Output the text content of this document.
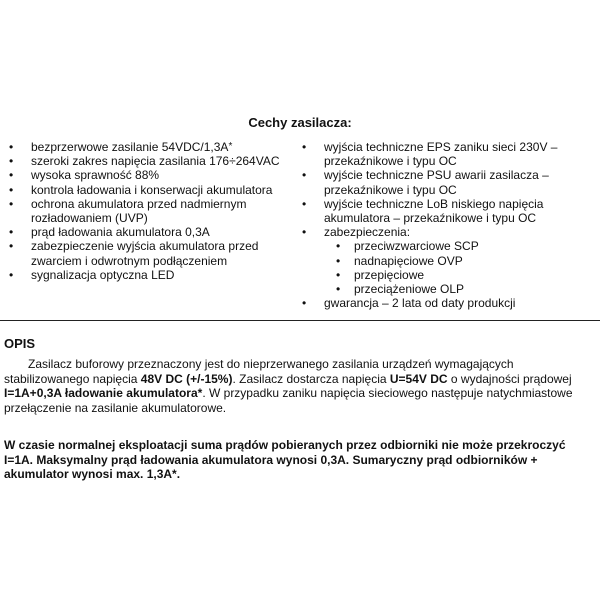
Cechy zasilacza:
• bezprzerwowe zasilanie 54VDC/1,3A*
• szeroki zakres napięcia zasilania 176÷264VAC
• wysoka sprawność 88%
• kontrola ładowania i konserwacji akumulatora
• ochrona akumulatora przed nadmiernym rozładowaniem (UVP)
• prąd ładowania akumulatora 0,3A
• zabezpieczenie wyjścia akumulatora przed zwarciem i odwrotnym podłączeniem
• sygnalizacja optyczna LED
• wyjścia techniczne EPS zaniku sieci 230V – przekaźnikowe i typu OC
• wyjście techniczne PSU awarii zasilacza – przekaźnikowe i typu OC
• wyjście techniczne LoB niskiego napięcia akumulatora – przekaźnikowe i typu OC
• zabezpieczenia:
• przeciwzwarciowe SCP
• nadnapięciowe OVP
• przepięciowe
• przeciążeniowe OLP
• gwarancja – 2 lata od daty produkcji
OPIS
Zasilacz buforowy przeznaczony jest do nieprzerwanego zasilania urządzeń wymagających stabilizowanego napięcia 48V DC (+/-15%). Zasilacz dostarcza napięcia U=54V DC o wydajności prądowej I=1A+0,3A ładowanie akumulatora*. W przypadku zaniku napięcia sieciowego następuje natychmiastowe przełączenie na zasilanie akumulatorowe.
W czasie normalnej eksploatacji suma prądów pobieranych przez odbiorniki nie może przekroczyć I=1A. Maksymalny prąd ładowania akumulatora wynosi 0,3A. Sumaryczny prąd odbiorników + akumulator wynosi max. 1,3A*.
